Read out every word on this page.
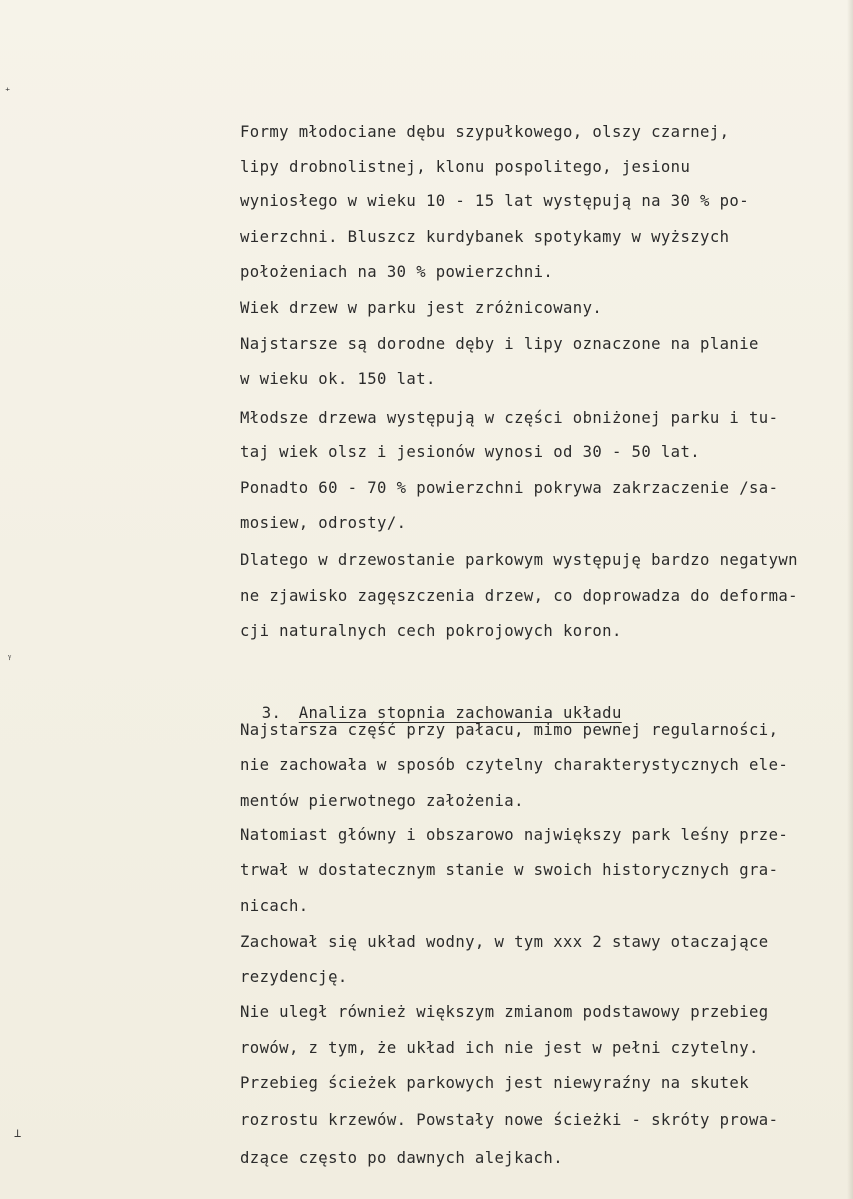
⁺
ᵞ
⊥

Formy młodociane dębu szypułkowego, olszy czarnej,

lipy drobnolistnej, klonu pospolitego, jesionu

wyniosłego w wieku 10 - 15 lat występują na 30 % po-

wierzchni. Bluszcz kurdybanek spotykamy w wyższych

położeniach na 30 % powierzchni.

Wiek drzew w parku jest zróżnicowany.

Najstarsze są dorodne dęby i lipy oznaczone na planie

w wieku ok. 150 lat.

Młodsze drzewa występują w części obniżonej parku i tu-

taj wiek olsz i jesionów wynosi od 30 - 50 lat.

Ponadto 60 - 70 % powierzchni pokrywa zakrzaczenie /sa-

mosiew, odrosty/.

Dlatego w drzewostanie parkowym występuję bardzo negatywn

ne zjawisko zagęszczenia drzew, co doprowadza do deforma-

cji naturalnych cech pokrojowych koron.

3. Analiza stopnia zachowania układu

Najstarsza część przy pałacu, mimo pewnej regularności,

nie zachowała w sposób czytelny charakterystycznych ele-

mentów pierwotnego założenia.

Natomiast główny i obszarowo największy park leśny prze-

trwał w dostatecznym stanie w swoich historycznych gra-

nicach.

Zachował się układ wodny, w tym xxx 2 stawy otaczające

rezydencję.

Nie uległ również większym zmianom podstawowy przebieg

rowów, z tym, że układ ich nie jest w pełni czytelny.

Przebieg ścieżek parkowych jest niewyraźny na skutek

rozrostu krzewów. Powstały nowe ścieżki - skróty prowa-

dzące często po dawnych alejkach.
